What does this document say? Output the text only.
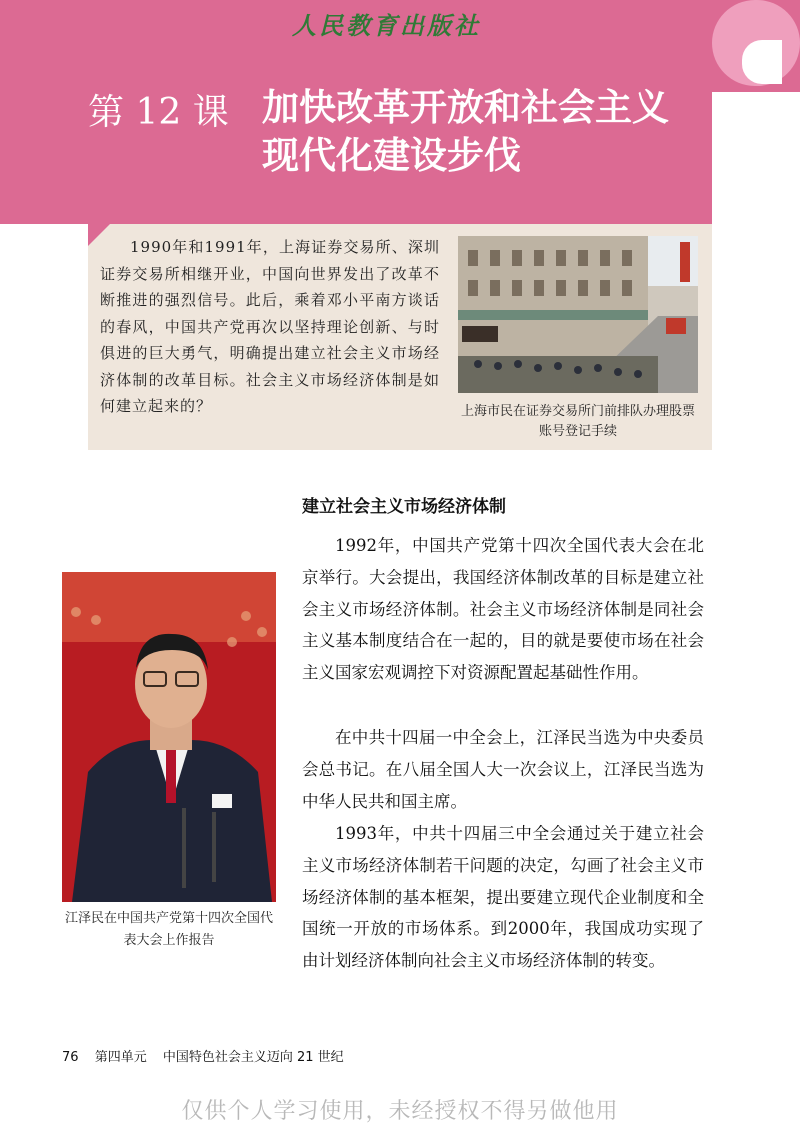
人民教育出版社
第 12 课 加快改革开放和社会主义现代化建设步伐
1990年和1991年，上海证券交易所、深圳证券交易所相继开业，中国向世界发出了改革不断推进的强烈信号。此后，乘着邓小平南方谈话的春风，中国共产党再次以坚持理论创新、与时俱进的巨大勇气，明确提出建立社会主义市场经济体制的改革目标。社会主义市场经济体制是如何建立起来的？	上海市民在证券交易所门前排队办理股票账号登记手续
建立社会主义市场经济体制
1992年，中国共产党第十四次全国代表大会在北京举行。大会提出，我国经济体制改革的目标是建立社会主义市场经济体制。社会主义市场经济体制是同社会主义基本制度结合在一起的，目的就是要使市场在社会主义国家宏观调控下对资源配置起基础性作用。
在中共十四届一中全会上，江泽民当选为中央委员会总书记。在八届全国人大一次会议上，江泽民当选为中华人民共和国主席。
1993年，中共十四届三中全会通过关于建立社会主义市场经济体制若干问题的决定，勾画了社会主义市场经济体制的基本框架，提出要建立现代企业制度和全国统一开放的市场体系。到2000年，我国成功实现了由计划经济体制向社会主义市场经济体制的转变。
江泽民在中国共产党第十四次全国代表大会上作报告
76 第四单元 中国特色社会主义迈向 21 世纪
仅供个人学习使用，未经授权不得另做他用
